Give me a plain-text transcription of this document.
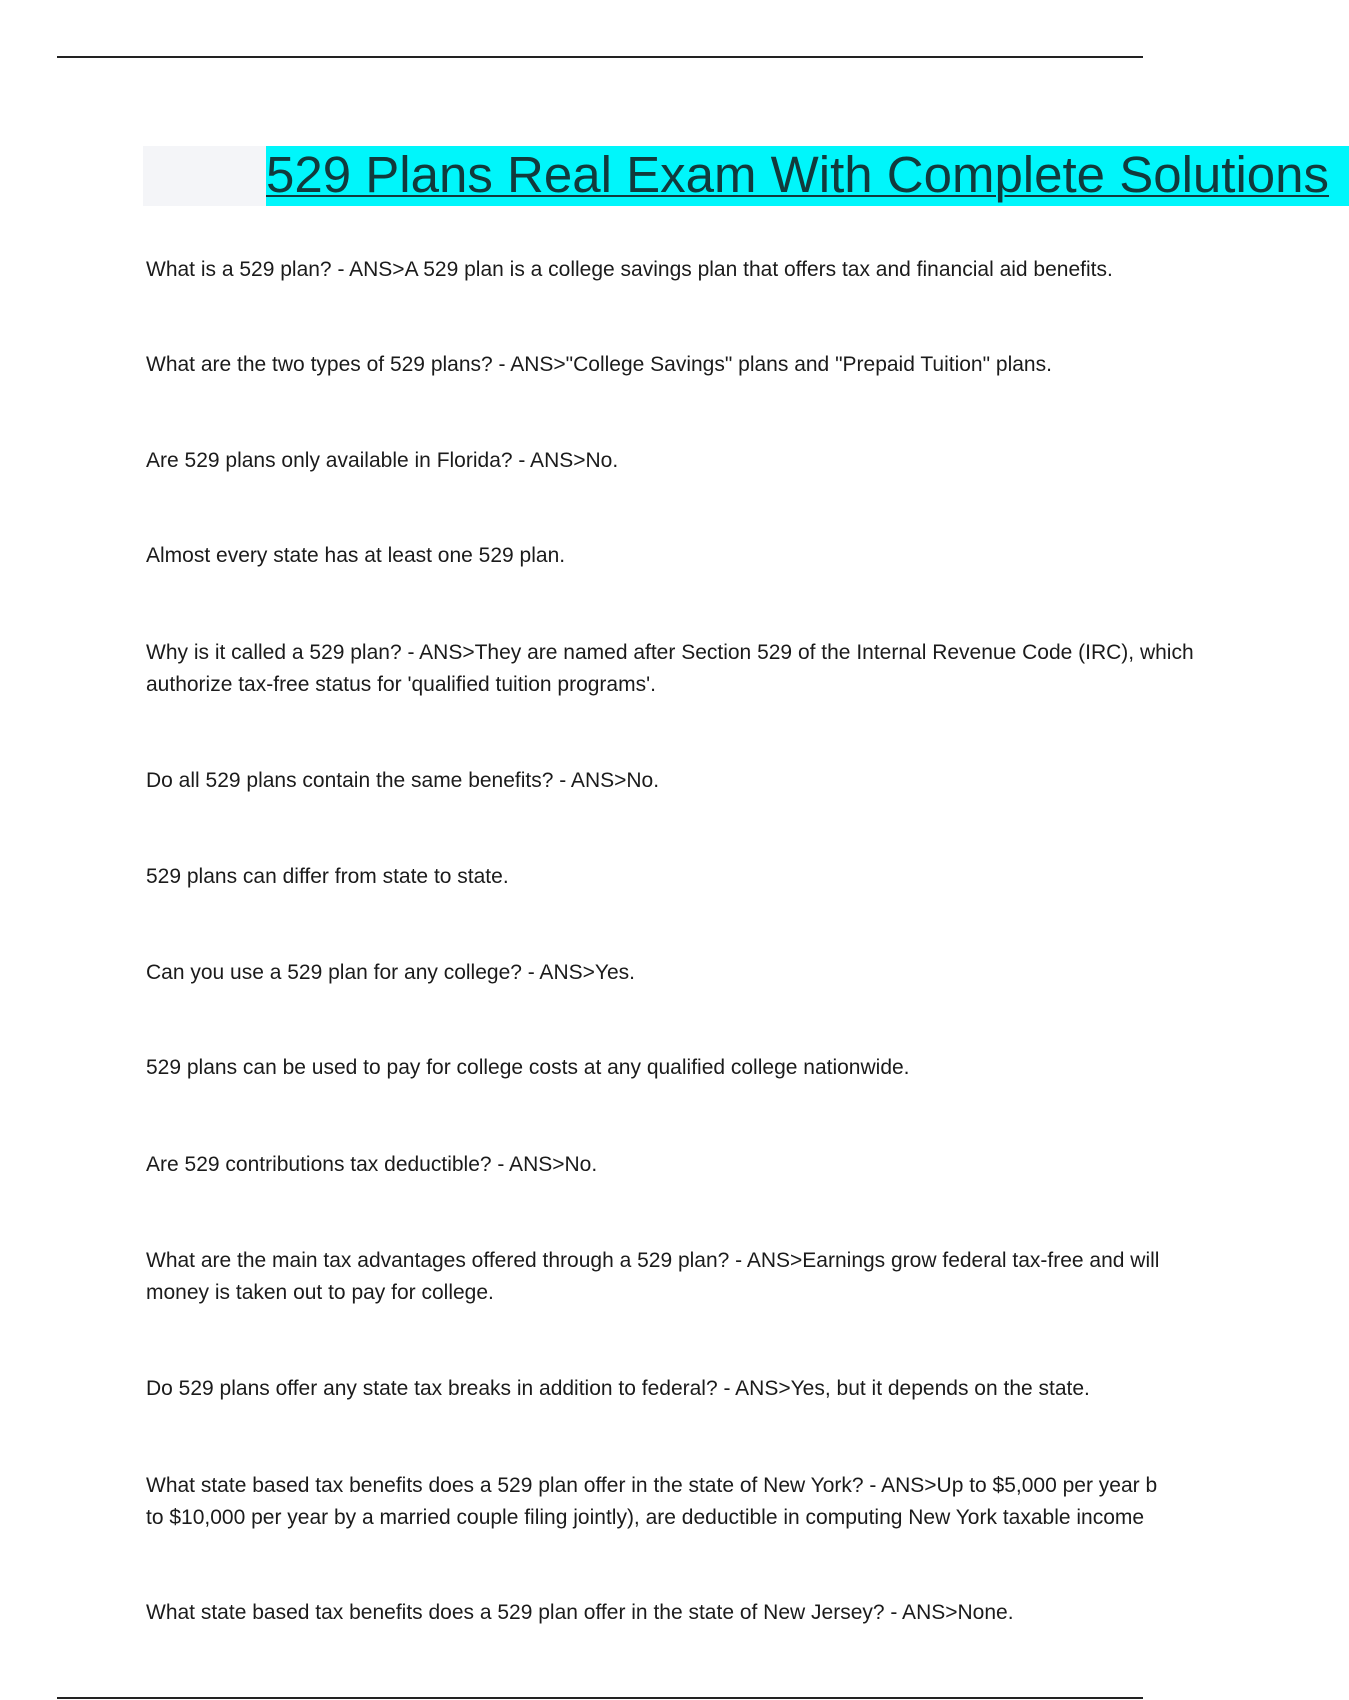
529 Plans Real Exam With Complete Solutions
What is a 529 plan? - ANS>A 529 plan is a college savings plan that offers tax and financial aid benefits.
What are the two types of 529 plans? - ANS>"College Savings" plans and "Prepaid Tuition" plans.
Are 529 plans only available in Florida? - ANS>No.
Almost every state has at least one 529 plan.
Why is it called a 529 plan? - ANS>They are named after Section 529 of the Internal Revenue Code (IRC), which
authorize tax-free status for 'qualified tuition programs'.
Do all 529 plans contain the same benefits? - ANS>No.
529 plans can differ from state to state.
Can you use a 529 plan for any college? - ANS>Yes.
529 plans can be used to pay for college costs at any qualified college nationwide.
Are 529 contributions tax deductible? - ANS>No.
What are the main tax advantages offered through a 529 plan? - ANS>Earnings grow federal tax-free and will
money is taken out to pay for college.
Do 529 plans offer any state tax breaks in addition to federal? - ANS>Yes, but it depends on the state.
What state based tax benefits does a 529 plan offer in the state of New York? - ANS>Up to $5,000 per year b
to $10,000 per year by a married couple filing jointly), are deductible in computing New York taxable income
What state based tax benefits does a 529 plan offer in the state of New Jersey? - ANS>None.
